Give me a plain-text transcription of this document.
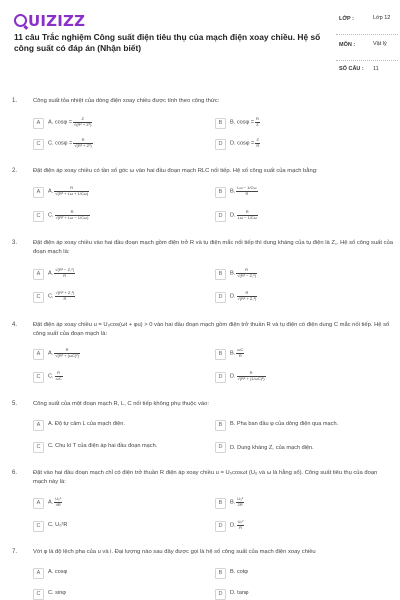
UIZIZZ
11 câu Trắc nghiệm Công suất điện tiêu thụ của mạch điện xoay chiều. Hệ số công suất có đáp án (Nhận biết)
LỚP :	Lớp 12
MÔN :	Vật lý
SỐ CÂU : 11
1.	Công suất tỏa nhiệt của dòng điện xoay chiều được tính theo công thức:
A	A. $\cos\varphi = \frac{Z}{\text{√(R² + Z²)}}$	B	B. $\cos\varphi = \frac{R}{Z}$
C	C. $\cos\varphi = \frac{R}{\text{√(R² + Z²)}}$	D	D. $\cos\varphi = \frac{Z}{R}$
2.	Đặt điện áp xoay chiều có tần số góc ω vào hai đầu đoạn mạch RLC nối tiếp. Hệ số công suất của mạch bằng:
A	A. $\frac{R}{\text{√(R² + Lω + 1/Cω)}}$	B	B. $\frac{L\omega - 1/C\omega}{R}$
C	C. $\frac{R}{\text{√(R² + Lω − 1/Cω)}}$	D	D. $\frac{R}{L\omega - 1/C\omega}$
3.	Đặt điện áp xoay chiều vào hai đầu đoạn mạch gồm điện trở R và tụ điện mắc nối tiếp thì dung kháng của tụ điện là Z꜀. Hệ số công suất của đoạn mạch là:
A	A. $\frac{\text{√(R² − Z꜀²)}}{R}$	B	B. $\frac{R}{\text{√(R² − Z꜀²)}}$
C	C. $\frac{\text{√(R² + Z꜀²)}}{R}$	D	D. $\frac{R}{\text{√(R² + Z꜀²)}}$
4.	Đặt điện áp xoay chiều u = U₀cos(ωt + φu) > 0 vào hai đầu đoạn mạch gồm điện trở thuần R và tụ điện có điện dung C mắc nối tiếp. Hệ số công suất của đoạn mạch là:
A	A. $\frac{R}{\text{√(R² + (ωC)²)}}$	B	B. $\frac{\omega C}{R}$
C	C. $\frac{R}{\omega C}$	D	D. $\frac{R}{\text{√(R² + (1/ωC)²)}}$
5.	Công suất của một đoạn mạch R, L, C nối tiếp không phụ thuộc vào:
A	A. Độ tự cảm L của mạch điện.	B	B. Pha ban đầu φ của dòng điện qua mạch.
C	C. Chu kì T của điện áp hai đầu đoạn mạch.	D	D. Dung kháng Z꜀ của mạch điện.
6.	Đặt vào hai đầu đoạn mạch chỉ có điện trở thuần R điện áp xoay chiều u = U₀cosωt (U₀ và ω là hằng số). Công suất tiêu thụ của đoạn mạch này là:
A	A. $\frac{\text{U₀²}}{4R}$	B	B. $\frac{\text{U₀²}}{2R}$
C	C. U₀²R	D	D. $\frac{\text{U₀²}}{R}$
7.	Với φ là độ lệch pha của u và i. Đại lượng nào sau đây được gọi là hệ số công suất của mạch điện xoay chiều
A	A. cosφ	B	B. cotφ
C	C. sinφ	D	D. tanφ
